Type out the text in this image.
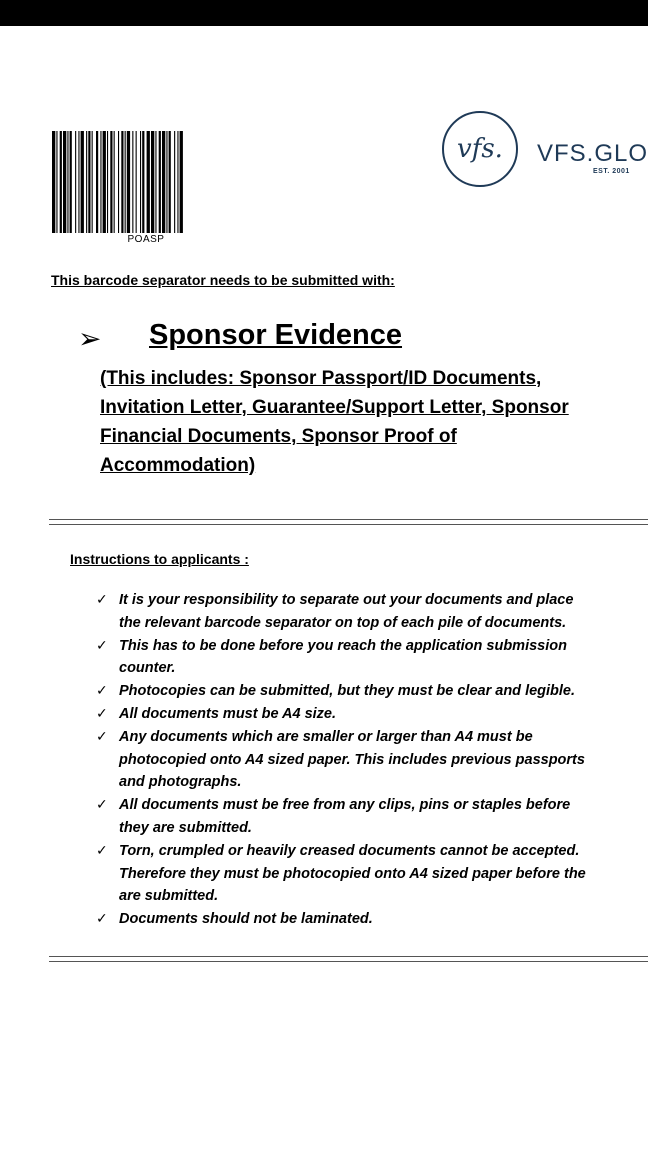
POASP
vfs.	VFS.GLO
EST. 2001
This barcode separator needs to be submitted with:
➢ Sponsor Evidence
(This includes: Sponsor Passport/ID Documents,
Invitation Letter, Guarantee/Support Letter, Sponsor
Financial Documents, Sponsor Proof of
Accommodation)
Instructions to applicants :
✓ It is your responsibility to separate out your documents and place
the relevant barcode separator on top of each pile of documents.
✓ This has to be done before you reach the application submission
counter.
✓ Photocopies can be submitted, but they must be clear and legible.
✓ All documents must be A4 size.
✓ Any documents which are smaller or larger than A4 must be
photocopied onto A4 sized paper. This includes previous passports
and photographs.
✓ All documents must be free from any clips, pins or staples before
they are submitted.
✓ Torn, crumpled or heavily creased documents cannot be accepted.
Therefore they must be photocopied onto A4 sized paper before the
are submitted.
✓ Documents should not be laminated.
